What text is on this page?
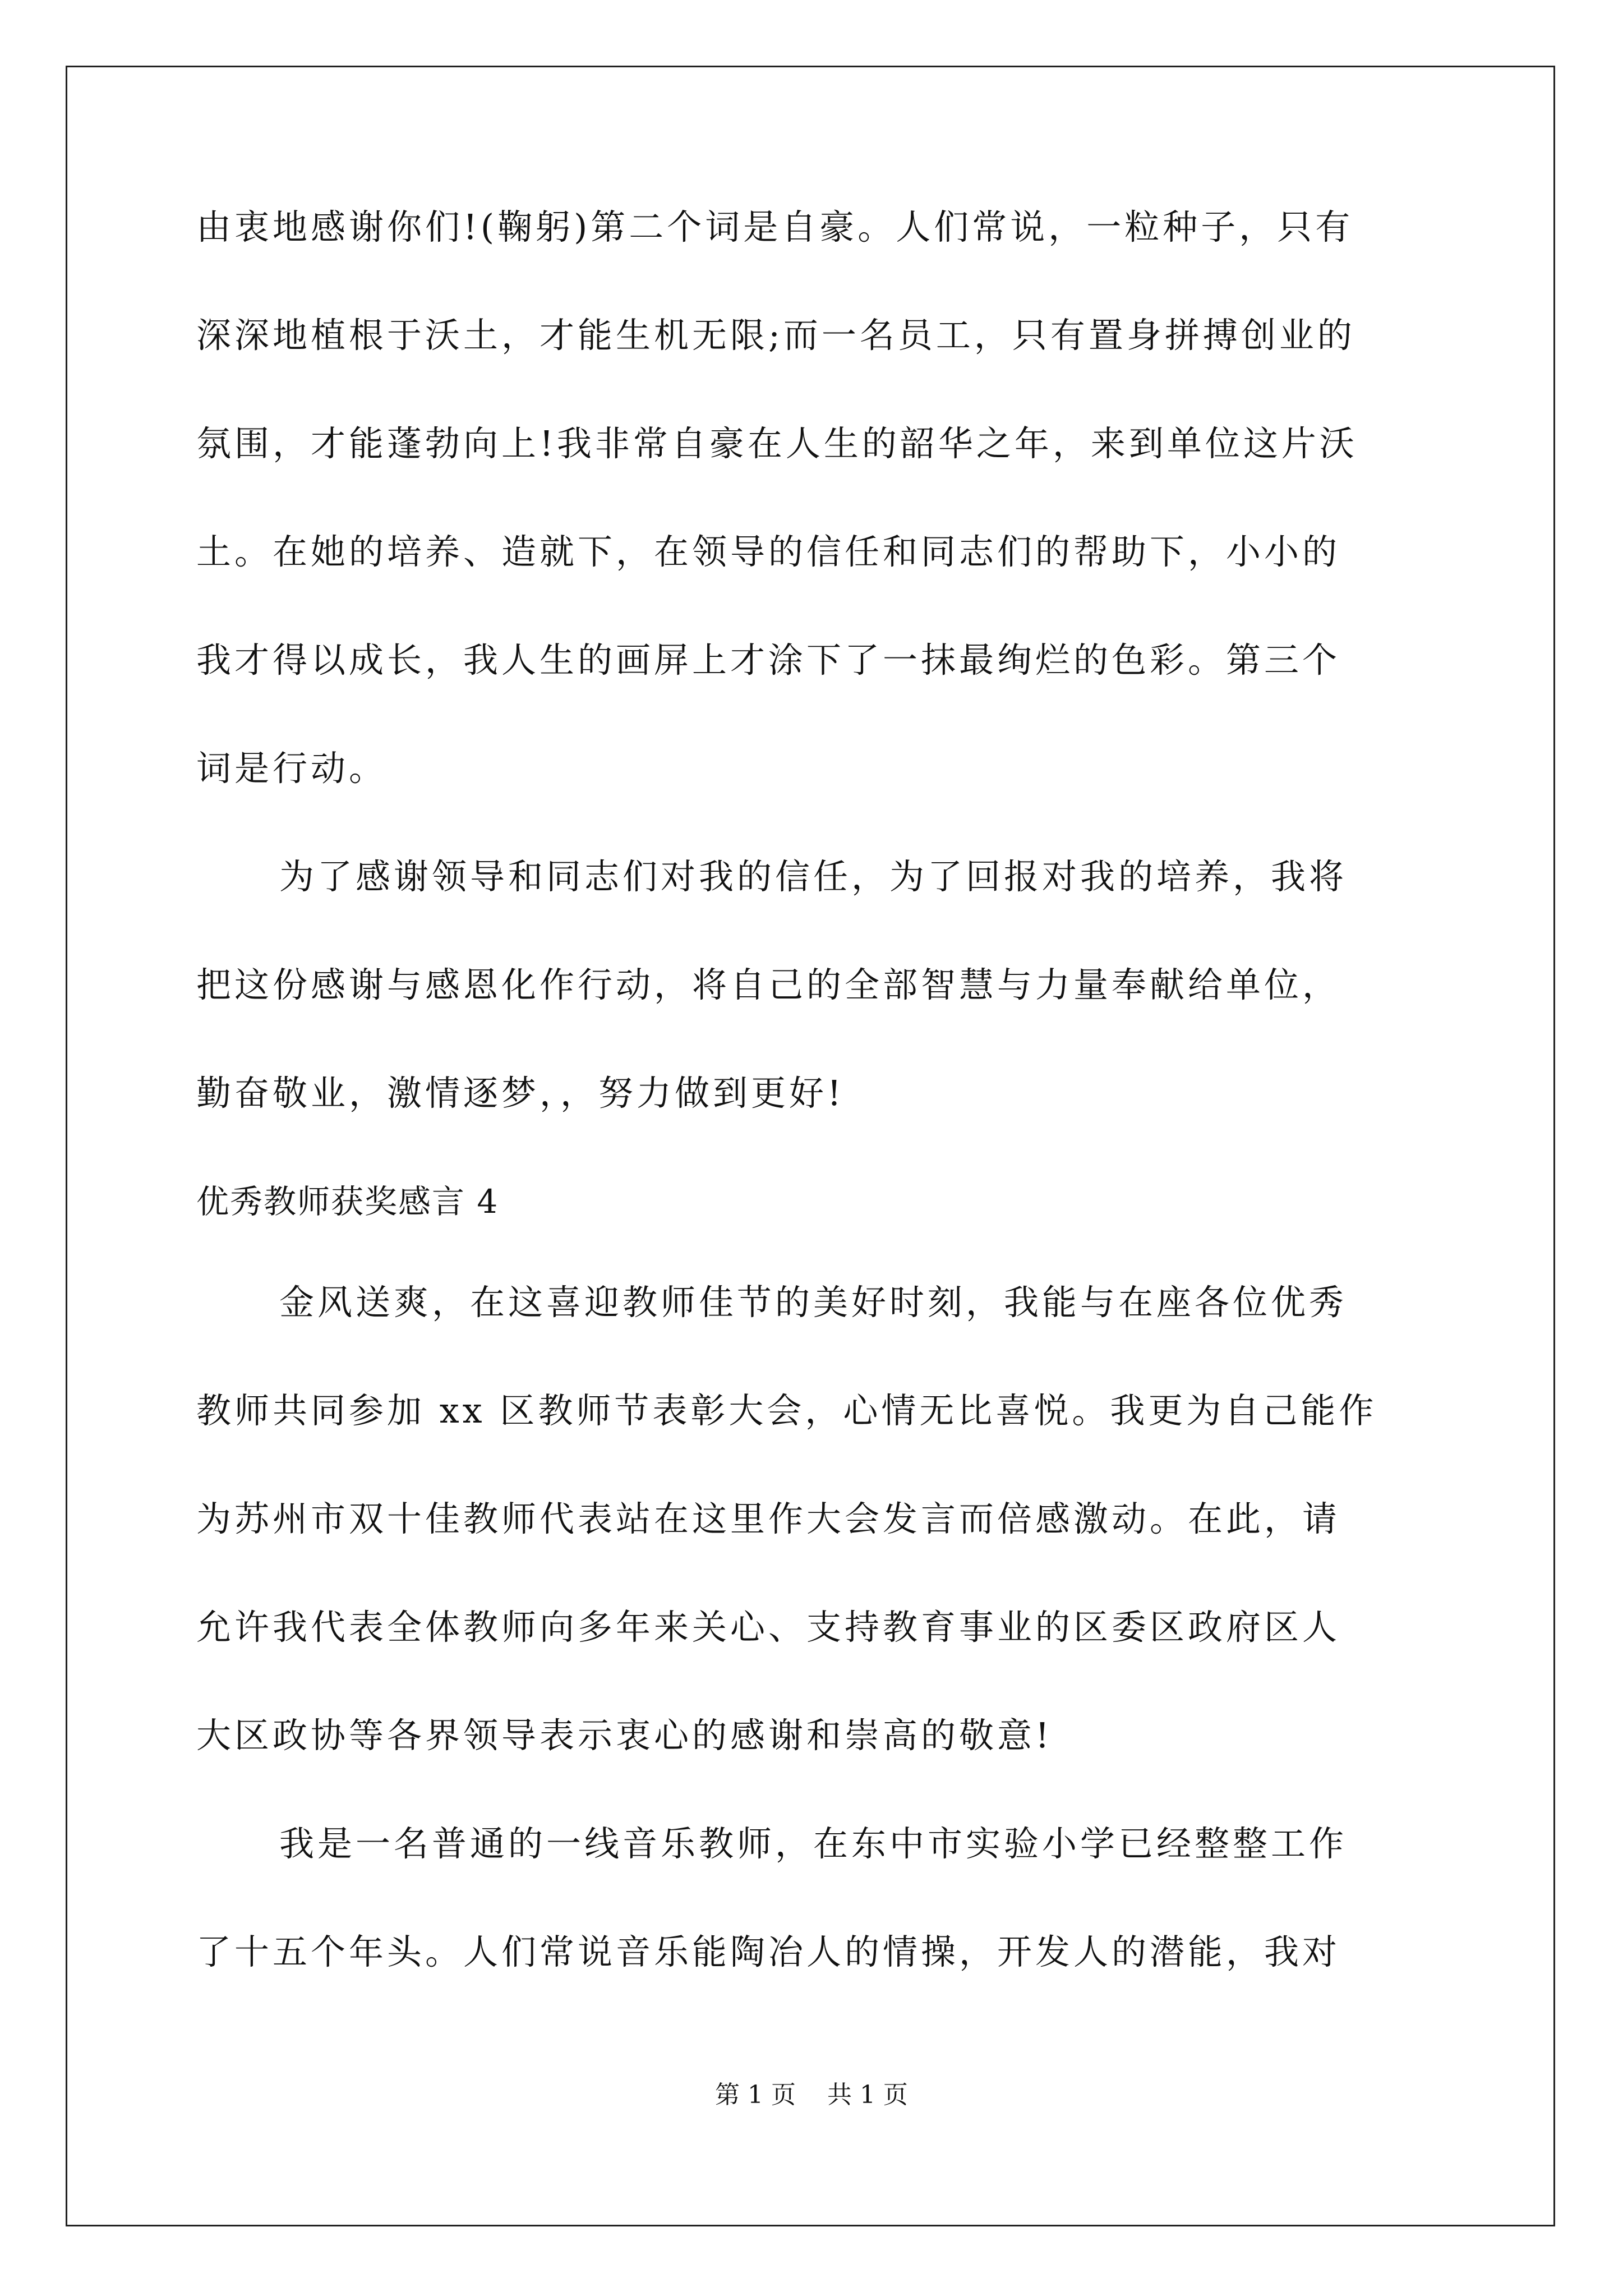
由衷地感谢你们!(鞠躬)第二个词是自豪。人们常说，一粒种子，只有
深深地植根于沃土，才能生机无限;而一名员工，只有置身拼搏创业的
氛围，才能蓬勃向上!我非常自豪在人生的韶华之年，来到单位这片沃
土。在她的培养、造就下，在领导的信任和同志们的帮助下，小小的
我才得以成长，我人生的画屏上才涂下了一抹最绚烂的色彩。第三个
词是行动。
为了感谢领导和同志们对我的信任，为了回报对我的培养，我将
把这份感谢与感恩化作行动，将自己的全部智慧与力量奉献给单位，
勤奋敬业，激情逐梦，，努力做到更好!
优秀教师获奖感言 4
金风送爽，在这喜迎教师佳节的美好时刻，我能与在座各位优秀
教师共同参加 xx 区教师节表彰大会，心情无比喜悦。我更为自己能作
为苏州市双十佳教师代表站在这里作大会发言而倍感激动。在此，请
允许我代表全体教师向多年来关心、支持教育事业的区委区政府区人
大区政协等各界领导表示衷心的感谢和崇高的敬意!
我是一名普通的一线音乐教师，在东中市实验小学已经整整工作
了十五个年头。人们常说音乐能陶冶人的情操，开发人的潜能，我对
第 1 页    共 1 页
